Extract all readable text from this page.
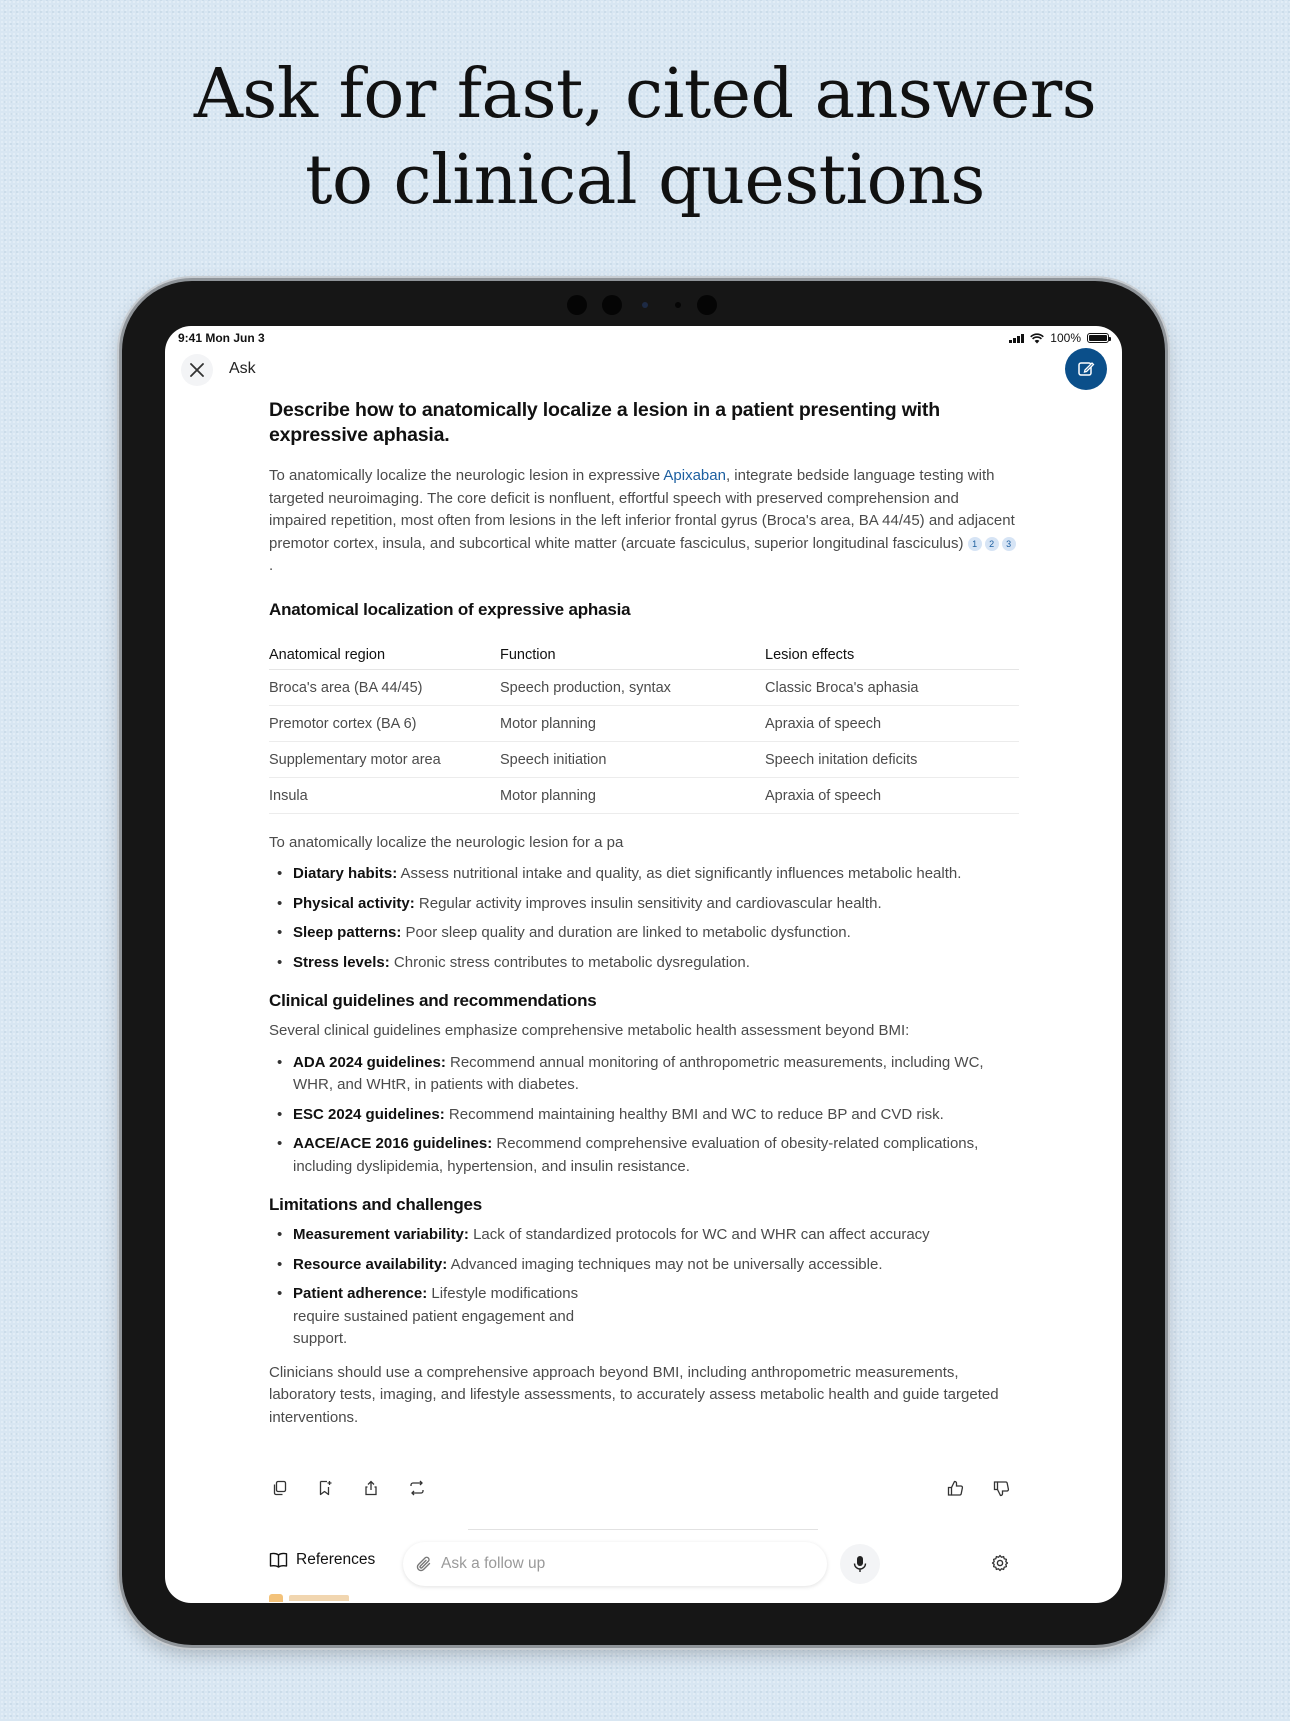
Ask for fast, cited answers
to clinical questions
9:41 Mon Jun 3	100%
Ask
Describe how to anatomically localize a lesion in a patient presenting with expressive aphasia.

To anatomically localize the neurologic lesion in expressive Apixaban, integrate bedside language testing with targeted neuroimaging. The core deficit is nonfluent, effortful speech with preserved comprehension and impaired repetition, most often from lesions in the left inferior frontal gyrus (Broca's area, BA 44/45) and adjacent premotor cortex, insula, and subcortical white matter (arcuate fasciculus, superior longitudinal fasciculus) 1 2 3.

Anatomical localization of expressive aphasia
Anatomical region	Function	Lesion effects
Broca's area (BA 44/45)	Speech production, syntax	Classic Broca's aphasia
Premotor cortex (BA 6)	Motor planning	Apraxia of speech
Supplementary motor area	Speech initiation	Speech initation deficits
Insula	Motor planning	Apraxia of speech

To anatomically localize the neurologic lesion for a pa

• Diatary habits: Assess nutritional intake and quality, as diet significantly influences metabolic health.
• Physical activity: Regular activity improves insulin sensitivity and cardiovascular health.
• Sleep patterns: Poor sleep quality and duration are linked to metabolic dysfunction.
• Stress levels: Chronic stress contributes to metabolic dysregulation.
Clinical guidelines and recommendations

Several clinical guidelines emphasize comprehensive metabolic health assessment beyond BMI:

• ADA 2024 guidelines: Recommend annual monitoring of anthropometric measurements, including WC, WHR, and WHtR, in patients with diabetes.
• ESC 2024 guidelines: Recommend maintaining healthy BMI and WC to reduce BP and CVD risk.
• AACE/ACE 2016 guidelines: Recommend comprehensive evaluation of obesity-related complications, including dyslipidemia, hypertension, and insulin resistance.
Limitations and challenges
• Measurement variability: Lack of standardized protocols for WC and WHR can affect accuracy
• Resource availability: Advanced imaging techniques may not be universally accessible.
• Patient adherence: Lifestyle modifications require sustained patient engagement and support.

Clinicians should use a comprehensive approach beyond BMI, including anthropometric measurements, laboratory tests, imaging, and lifestyle assessments, to accurately assess metabolic health and guide targeted interventions.

References
Ask a follow up
